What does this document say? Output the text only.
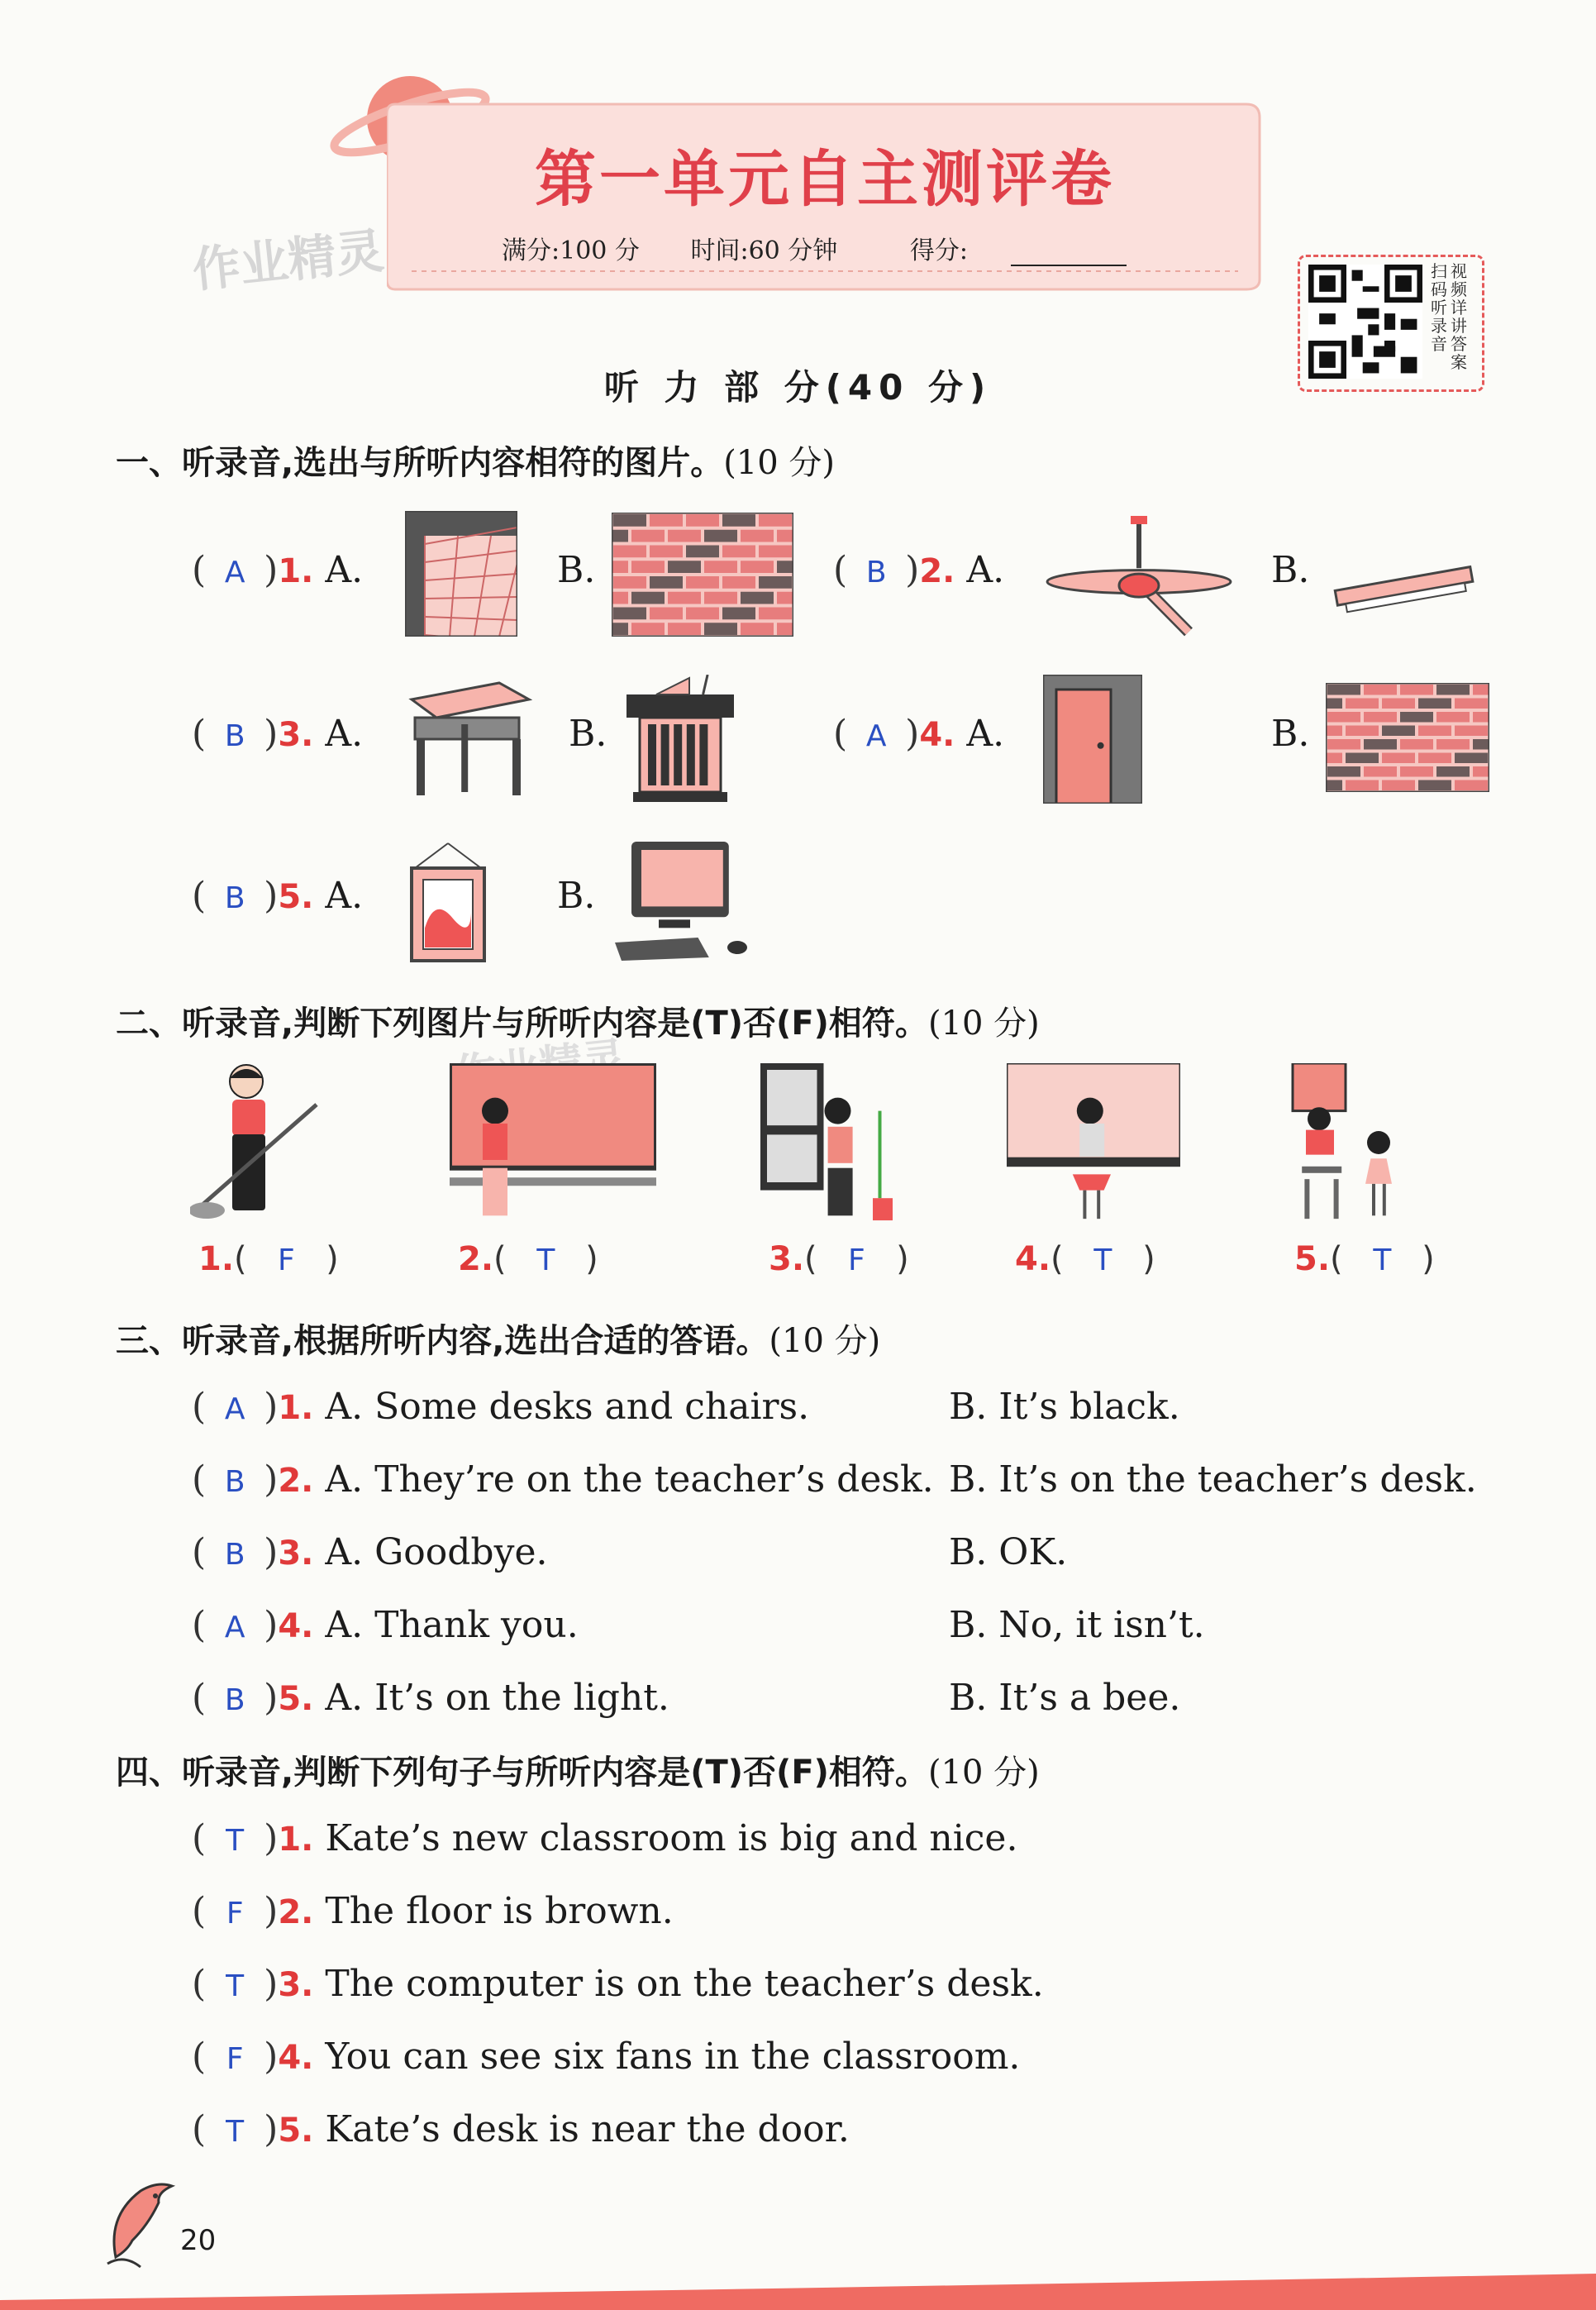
第一单元自主测评卷
满分:100 分 时间:60 分钟	得分:
作业精灵	扫
码
听
录
音
视
频
详
讲
答
案
听 力 部 分(40 分)
一、听录音,选出与所听内容相符的图片。(10 分)
( A )1. A.	B.	( B )2. A.	B.
( B )3. A.	B.	( A )4. A.	B.
( B )5. A.	B.
二、听录音,判断下列图片与所听内容是(T)否(F)相符。(10 分)
1.( F )	2.( T )	3.( F )	4.( T )	5.( T )
三、听录音,根据所听内容,选出合适的答语。(10 分)
( A )1. A. Some desks and chairs.	B. It’s black.
( B )2. A. They’re on the teacher’s desk. B. It’s on the teacher’s desk.
( B )3. A. Goodbye.	B. OK.
( A )4. A. Thank you.	B. No, it isn’t.
( B )5. A. It’s on the light.	B. It’s a bee.
四、听录音,判断下列句子与所听内容是(T)否(F)相符。(10 分)
( T )1. Kate’s new classroom is big and nice.
( F )2. The floor is brown.
( T )3. The computer is on the teacher’s desk.
( F )4. You can see six fans in the classroom.
( T )5. Kate’s desk is near the door.
20
